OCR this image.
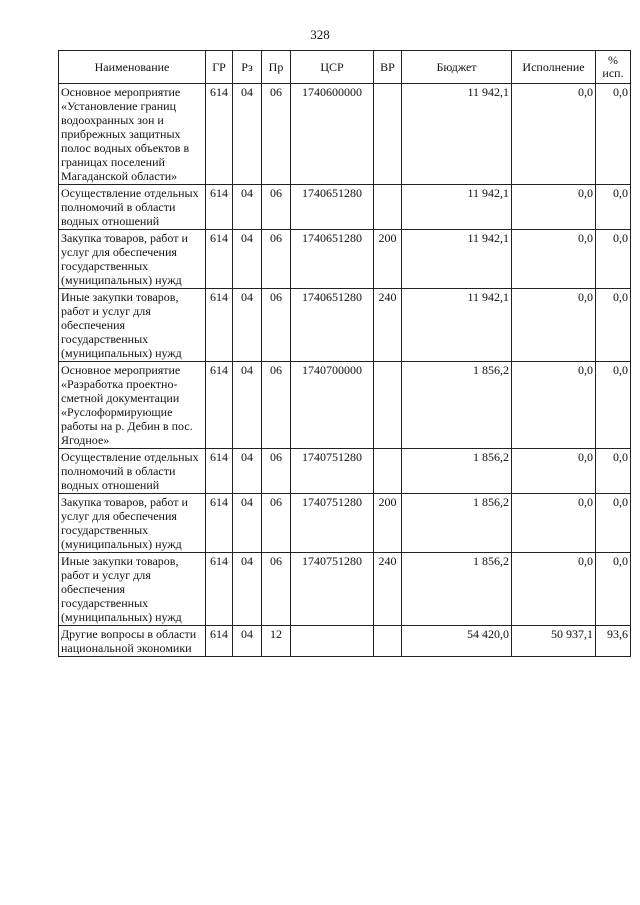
328
Наименование	ГР	Рз	Пр	ЦСР	ВР	Бюджет	Исполнение	%
исп.

Основное мероприятие «Установление границ водоохранных зон и прибрежных защитных полос водных объектов в границах поселений Магаданской области»	614	04	06	1740600000		11 942,1	0,0	0,0
Осуществление отдельных полномочий в области водных отношений	614	04	06	1740651280		11 942,1	0,0	0,0
Закупка товаров, работ и услуг для обеспечения государственных (муниципальных) нужд	614	04	06	1740651280	200	11 942,1	0,0	0,0
Иные закупки товаров, работ и услуг для обеспечения государственных (муниципальных) нужд	614	04	06	1740651280	240	11 942,1	0,0	0,0
Основное мероприятие «Разработка проектно-сметной документации «Руслоформирующие работы на р. Дебин в пос. Ягодное»	614	04	06	1740700000		1 856,2	0,0	0,0
Осуществление отдельных полномочий в области водных отношений	614	04	06	1740751280		1 856,2	0,0	0,0
Закупка товаров, работ и услуг для обеспечения государственных (муниципальных) нужд	614	04	06	1740751280	200	1 856,2	0,0	0,0
Иные закупки товаров, работ и услуг для обеспечения государственных (муниципальных) нужд	614	04	06	1740751280	240	1 856,2	0,0	0,0
Другие вопросы в области национальной экономики	614	04	12			54 420,0	50 937,1	93,6
